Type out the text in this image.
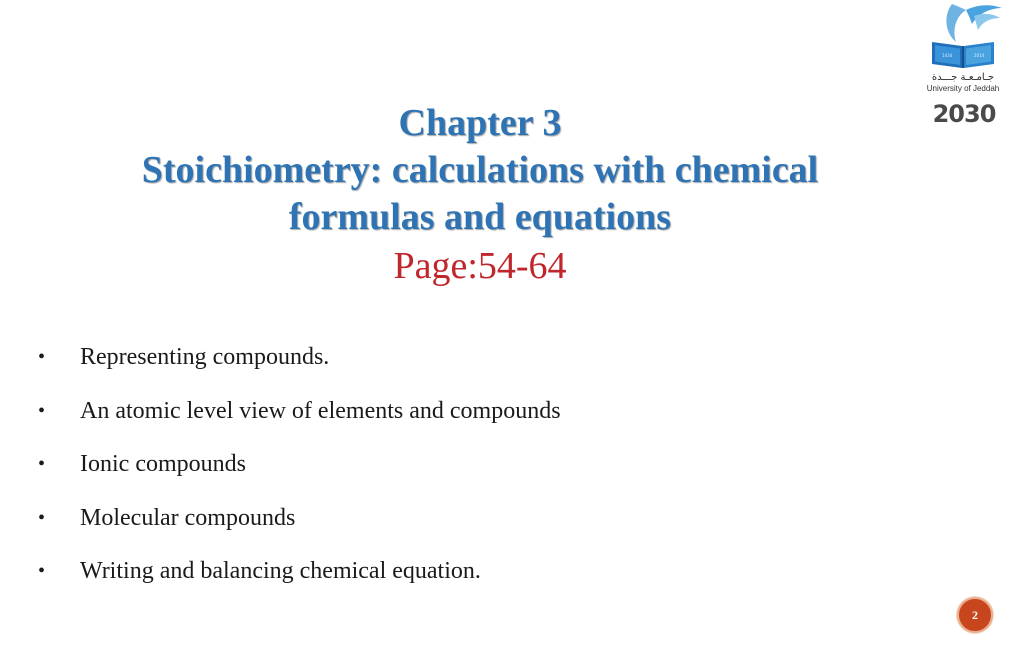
1434	2014
جـامـعـة جـــدة
University of Jeddah
2030
Chapter 3
Stoichiometry: calculations with chemical
formulas and equations
Page:54-64
•	Representing compounds.
•	An atomic level view of elements and compounds
•	Ionic compounds
•	Molecular compounds
•	Writing and balancing chemical equation.
2
